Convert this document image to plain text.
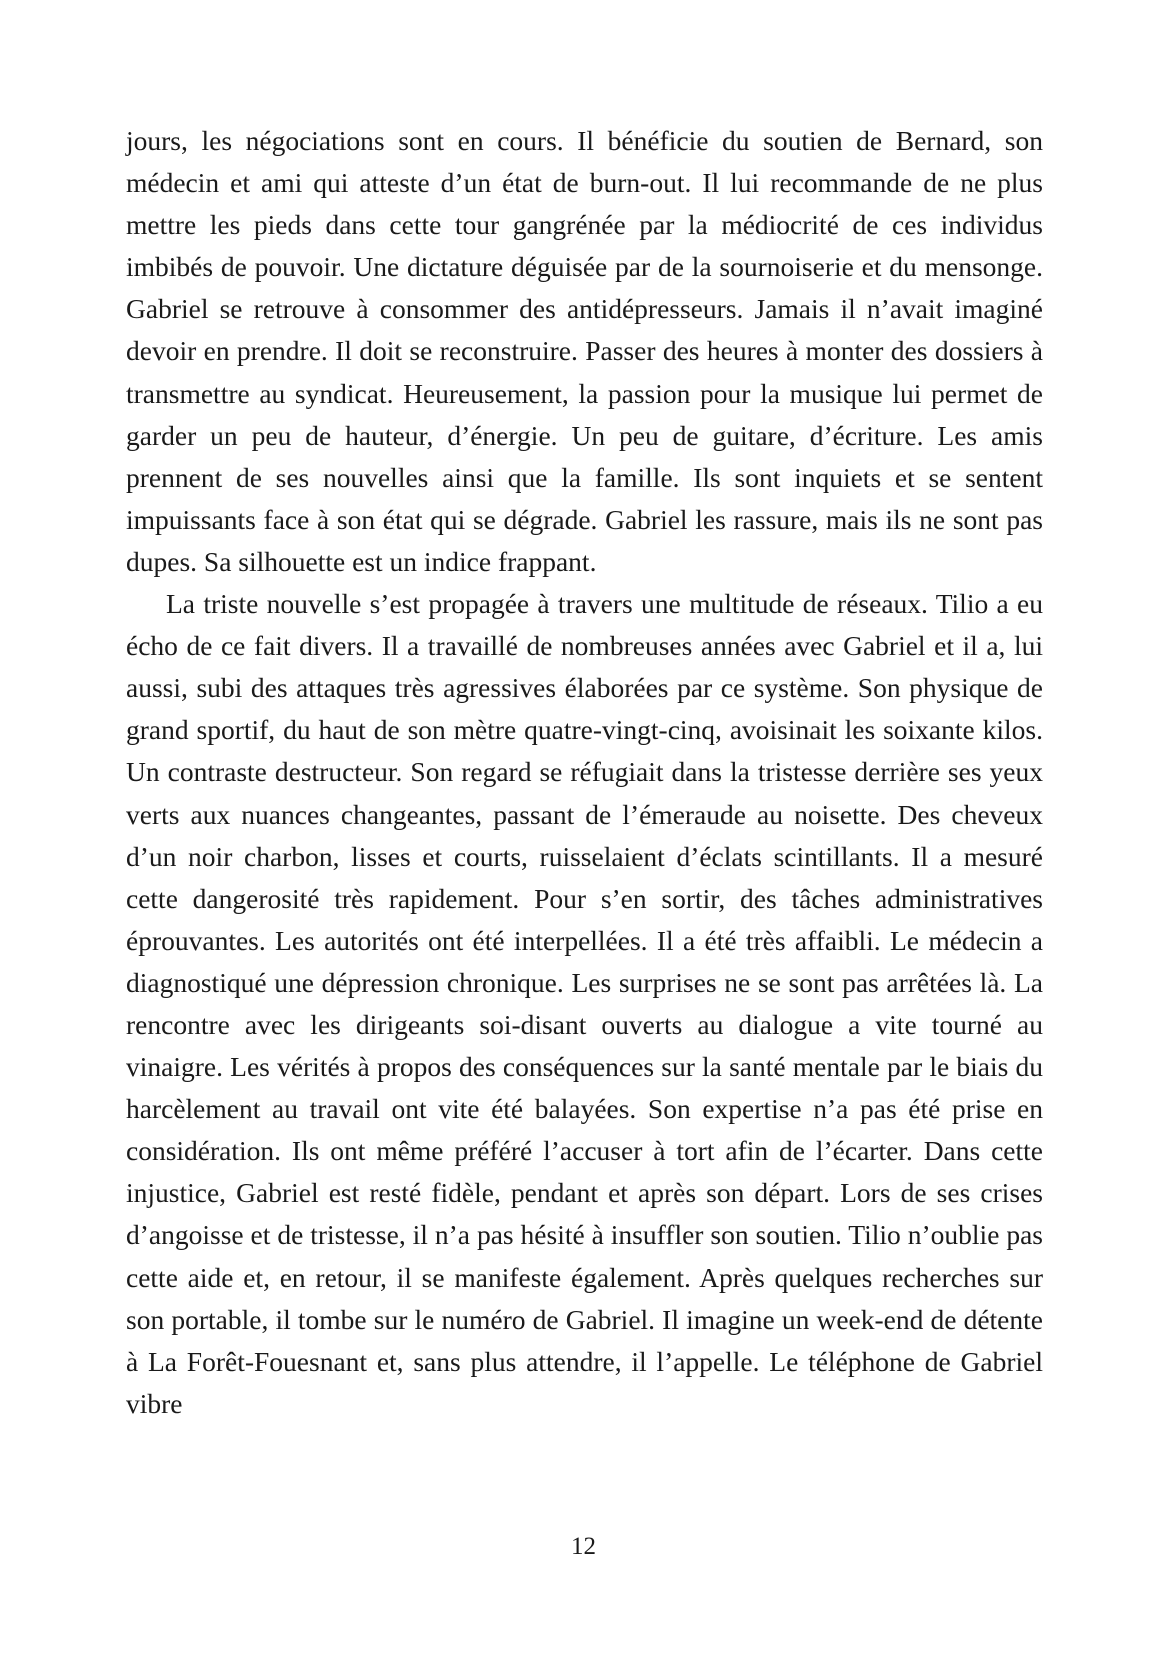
jours, les négociations sont en cours. Il bénéficie du soutien de Bernard, son médecin et ami qui atteste d’un état de burn-out. Il lui recommande de ne plus mettre les pieds dans cette tour gangrénée par la médiocrité de ces individus imbibés de pouvoir. Une dictature déguisée par de la sournoiserie et du mensonge. Gabriel se retrouve à consommer des antidépresseurs. Jamais il n’avait imaginé devoir en prendre. Il doit se reconstruire. Passer des heures à monter des dossiers à transmettre au syndicat. Heureusement, la passion pour la musique lui permet de garder un peu de hauteur, d’énergie. Un peu de guitare, d’écriture. Les amis prennent de ses nouvelles ainsi que la famille. Ils sont inquiets et se sentent impuissants face à son état qui se dégrade. Gabriel les rassure, mais ils ne sont pas dupes. Sa silhouette est un indice frappant.

La triste nouvelle s’est propagée à travers une multitude de réseaux. Tilio a eu écho de ce fait divers. Il a travaillé de nombreuses années avec Gabriel et il a, lui aussi, subi des attaques très agressives élaborées par ce système. Son physique de grand sportif, du haut de son mètre quatre-vingt-cinq, avoisinait les soixante kilos. Un contraste destructeur. Son regard se réfugiait dans la tristesse derrière ses yeux verts aux nuances changeantes, passant de l’émeraude au noisette. Des cheveux d’un noir charbon, lisses et courts, ruisselaient d’éclats scintillants. Il a mesuré cette dangerosité très rapidement. Pour s’en sortir, des tâches administratives éprouvantes. Les autorités ont été interpellées. Il a été très affaibli. Le médecin a diagnostiqué une dépression chronique. Les surprises ne se sont pas arrêtées là. La rencontre avec les dirigeants soi-disant ouverts au dialogue a vite tourné au vinaigre. Les vérités à propos des conséquences sur la santé mentale par le biais du harcèlement au travail ont vite été balayées. Son expertise n’a pas été prise en considération. Ils ont même préféré l’accuser à tort afin de l’écarter. Dans cette injustice, Gabriel est resté fidèle, pendant et après son départ. Lors de ses crises d’angoisse et de tristesse, il n’a pas hésité à insuffler son soutien. Tilio n’oublie pas cette aide et, en retour, il se manifeste également. Après quelques recherches sur son portable, il tombe sur le numéro de Gabriel. Il imagine un week-end de détente à La Forêt-Fouesnant et, sans plus attendre, il l’appelle. Le téléphone de Gabriel vibre

12
